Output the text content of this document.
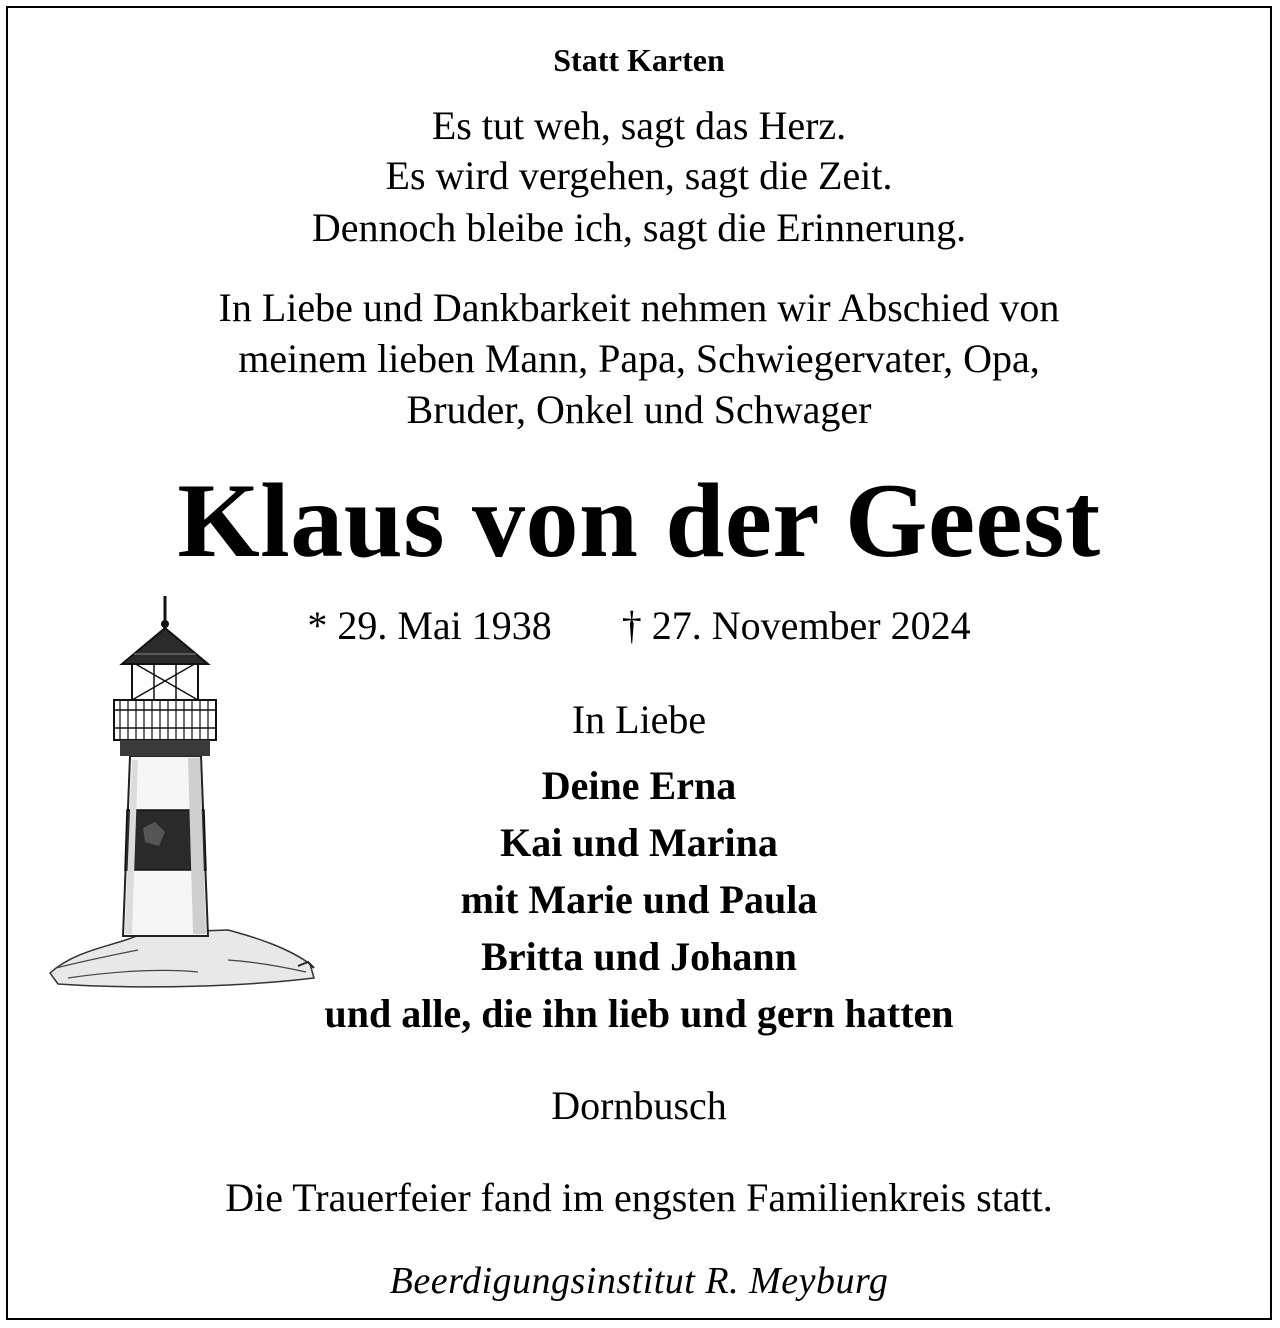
Statt Karten
Es tut weh, sagt das Herz.
Es wird vergehen, sagt die Zeit.
Dennoch bleibe ich, sagt die Erinnerung.
In Liebe und Dankbarkeit nehmen wir Abschied von
meinem lieben Mann, Papa, Schwiegervater, Opa,
Bruder, Onkel und Schwager
Klaus von der Geest
* 29. Mai 1938 † 27. November 2024
In Liebe
Deine Erna
Kai und Marina
mit Marie und Paula
Britta und Johann
und alle, die ihn lieb und gern hatten
Dornbusch
Die Trauerfeier fand im engsten Familienkreis statt.
Beerdigungsinstitut R. Meyburg
